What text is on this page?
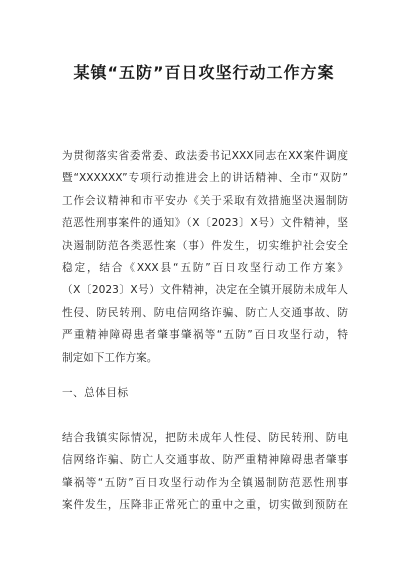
某镇“五防”百日攻坚行动工作方案
为贯彻落实省委常委、政法委书记XXX同志在XX案件调度
暨“XXXXXX”专项行动推进会上的讲话精神、全市“双防”
工作会议精神和市平安办《关于采取有效措施坚决遏制防
范恶性刑事案件的通知》（X〔2023〕X号）文件精神，坚
决遏制防范各类恶性案（事）件发生，切实维护社会安全
稳定，结合《XXX县“五防”百日攻坚行动工作方案》
（X〔2023〕X号）文件精神，决定在全镇开展防未成年人
性侵、防民转刑、防电信网络诈骗、防亡人交通事故、防
严重精神障碍患者肇事肇祸等“五防”百日攻坚行动，特
制定如下工作方案。
一、总体目标
结合我镇实际情况，把防未成年人性侵、防民转刑、防电
信网络诈骗、防亡人交通事故、防严重精神障碍患者肇事
肇祸等“五防”百日攻坚行动作为全镇遏制防范恶性刑事
案件发生，压降非正常死亡的重中之重，切实做到预防在
